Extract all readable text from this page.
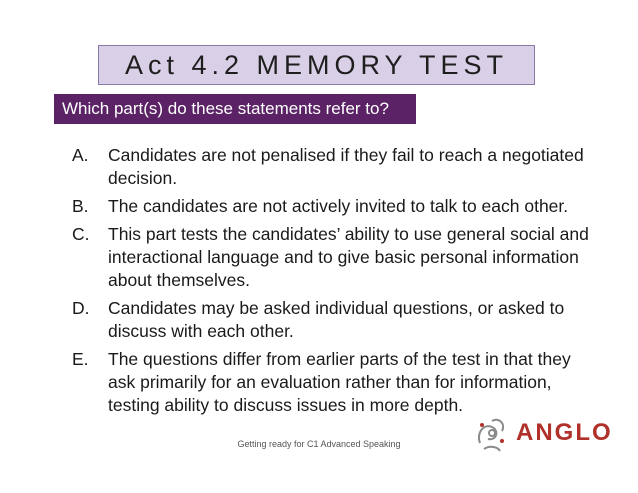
Act 4.2 MEMORY TEST
Which part(s) do these statements refer to?
A.	Candidates are not penalised if they fail to reach a negotiated decision.
B.	The candidates are not actively invited to talk to each other.
C.	This part tests the candidates’ ability to use general social and interactional language and to give basic personal information about themselves.
D.	Candidates may be asked individual questions, or asked to discuss with each other.
E.	The questions differ from earlier parts of the test in that they ask primarily for an evaluation rather than for information, testing ability to discuss issues in more depth.
Getting ready for C1 Advanced Speaking	ANGLO
